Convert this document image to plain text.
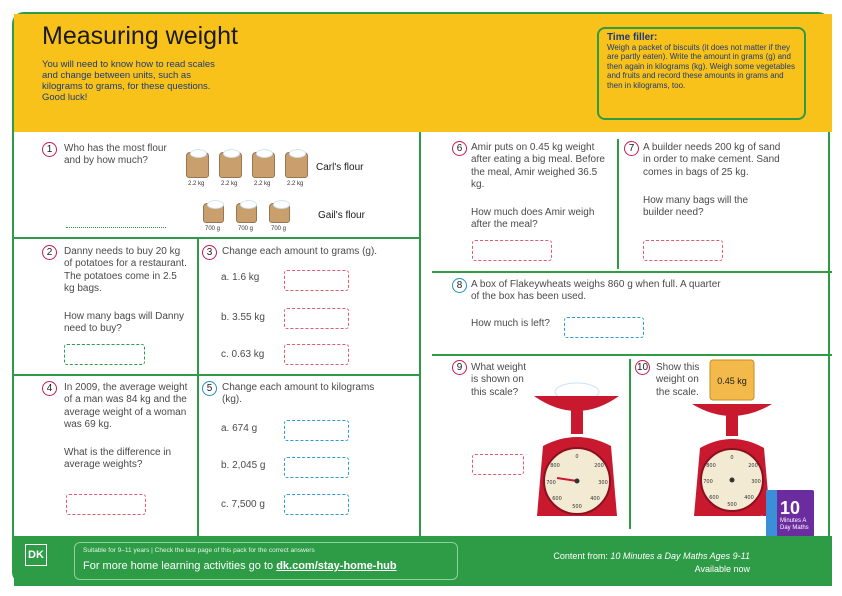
Measuring weight
You will need to know how to read scales and change between units, such as kilograms to grams, for these questions. Good luck!
Time filler:
Weigh a packet of biscuits (it does not matter if they are partly eaten). Write the amount in grams (g) and then again in kilograms (kg). Weigh some vegetables and fruits and record these amounts in grams and then in kilograms, too.
1	Who has the most flour and by how much?
2.2 kg	2.2 kg	2.2 kg	2.2 kg
Carl's flour
700 g	700 g	700 g
Gail's flour
2	Danny needs to buy 20 kg of potatoes for a restaurant. The potatoes come in 2.5 kg bags.
How many bags will Danny need to buy?
3 Change each amount to grams (g).
a. 1.6 kg
b. 3.55 kg
c. 0.63 kg
4	In 2009, the average weight of a man was 84 kg and the average weight of a woman was 69 kg.
What is the difference in average weights?
5 Change each amount to kilograms (kg).
a. 674 g
b. 2,045 g
c. 7,500 g
6 Amir puts on 0.45 kg weight after eating a big meal. Before the meal, Amir weighed 36.5 kg.
How much does Amir weigh after the meal?
7 A builder needs 200 kg of sand in order to make cement. Sand comes in bags of 25 kg.
How many bags will the builder need?
8 A box of Flakeywheats weighs 860 g when full. A quarter of the box has been used.
How much is left?
9 What weight is shown on this scale?
0
200
300
400
500
600
700
800
10 Show this weight on the scale.
0.45 kg
0
200
300
400
500
600
700
800
Maths
10
Minutes A Day Maths
DK	Suitable for 9–11 years | Check the last page of this pack for the correct answers
For more home learning activities go to dk.com/stay-home-hub
Content from: 10 Minutes a Day Maths Ages 9-11
Available now
